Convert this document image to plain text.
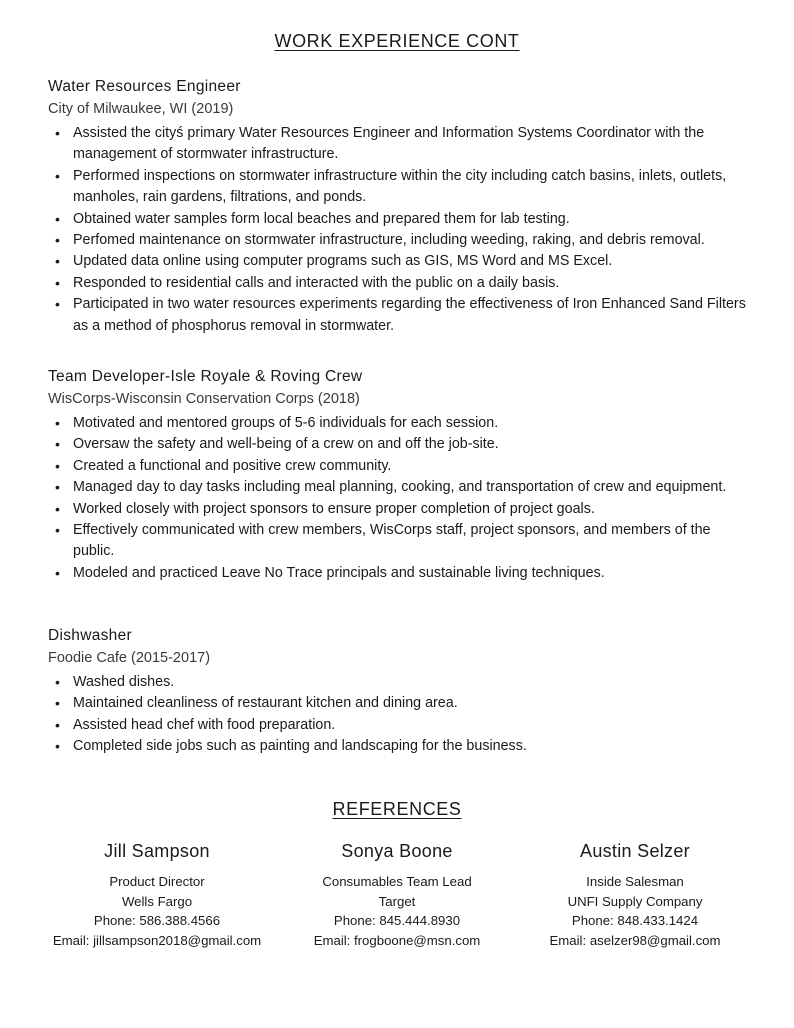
WORK EXPERIENCE CONT
Water Resources Engineer
City of Milwaukee, WI (2019)
• Assisted the cityś primary Water Resources Engineer and Information Systems Coordinator with the management of stormwater infrastructure.
• Performed inspections on stormwater infrastructure within the city including catch basins, inlets, outlets, manholes, rain gardens, filtrations, and ponds.
• Obtained water samples form local beaches and prepared them for lab testing.
• Perfomed maintenance on stormwater infrastructure, including weeding, raking, and debris removal.
• Updated data online using computer programs such as GIS, MS Word and MS Excel.
• Responded to residential calls and interacted with the public on a daily basis.
• Participated in two water resources experiments regarding the effectiveness of Iron Enhanced Sand Filters as a method of phosphorus removal in stormwater.
Team Developer-Isle Royale & Roving Crew
WisCorps-Wisconsin Conservation Corps (2018)
• Motivated and mentored groups of 5-6 individuals for each session.
• Oversaw the safety and well-being of a crew on and off the job-site.
• Created a functional and positive crew community.
• Managed day to day tasks including meal planning, cooking, and transportation of crew and equipment.
• Worked closely with project sponsors to ensure proper completion of project goals.
• Effectively communicated with crew members, WisCorps staff, project sponsors, and members of the public.
• Modeled and practiced Leave No Trace principals and sustainable living techniques.
Dishwasher
Foodie Cafe (2015-2017)
• Washed dishes.
• Maintained cleanliness of restaurant kitchen and dining area.
• Assisted head chef with food preparation.
• Completed side jobs such as painting and landscaping for the business.
REFERENCES
Jill Sampson
Product Director
Wells Fargo
Phone: 586.388.4566
Email: jillsampson2018@gmail.com
Sonya Boone
Consumables Team Lead
Target
Phone: 845.444.8930
Email: frogboone@msn.com
Austin Selzer
Inside Salesman
UNFI Supply Company
Phone: 848.433.1424
Email: aselzer98@gmail.com
